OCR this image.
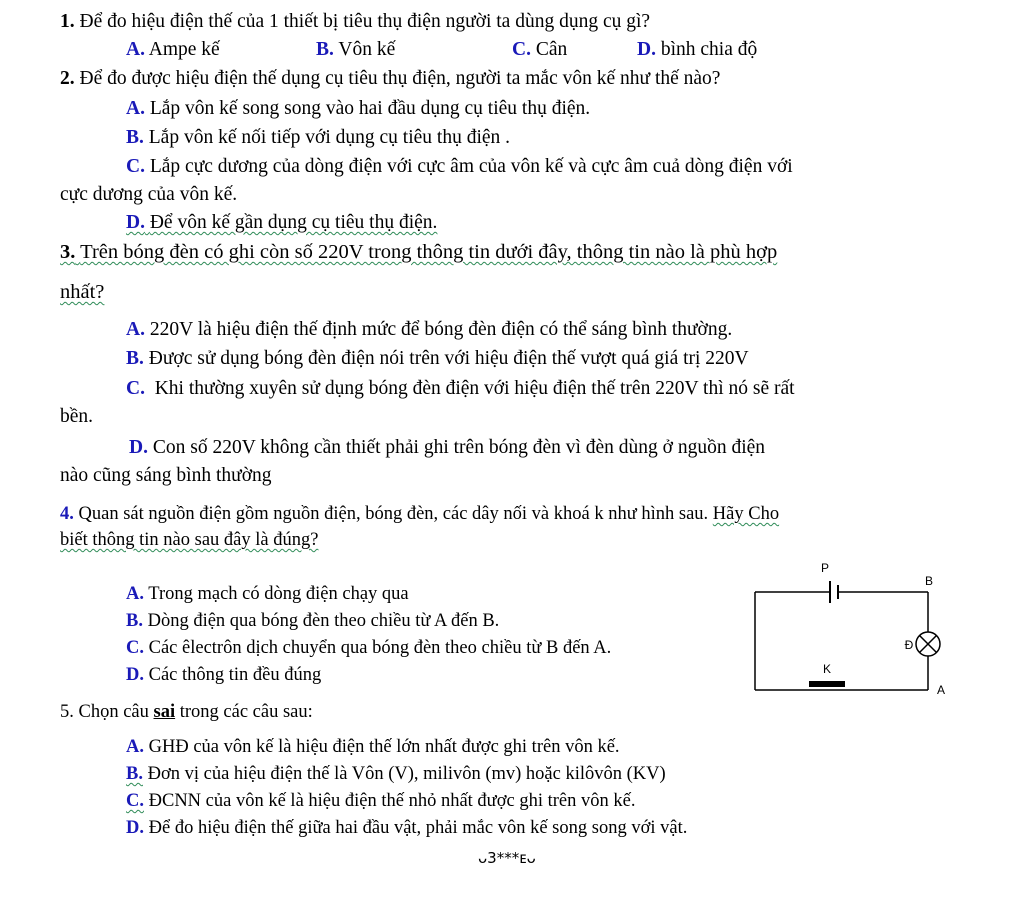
1. Để đo hiệu điện thế của 1 thiết bị tiêu thụ điện người ta dùng dụng cụ gì?
A. Ampe kế	B. Vôn kế	C. Cân	D. bình chia độ
2. Để đo được hiệu điện thế dụng cụ tiêu thụ điện, người ta mắc vôn kế như thế nào?
A. Lắp vôn kế song song vào hai đầu dụng cụ tiêu thụ điện.
B. Lắp vôn kế nối tiếp với dụng cụ tiêu thụ điện .
C. Lắp cực dương của dòng điện với cực âm của vôn kế và cực âm cuả dòng điện với
cực dương của vôn kế.
D. Để vôn kế gần dụng cụ tiêu thụ điện.
3. Trên bóng đèn có ghi còn số 220V trong thông tin dưới đây, thông tin nào là phù hợp
nhất?
A. 220V là hiệu điện thế định mức để bóng đèn điện có thể sáng bình thường.
B. Được sử dụng bóng đèn điện nói trên với hiệu điện thế vượt quá giá trị 220V
C. Khi thường xuyên sử dụng bóng đèn điện với hiệu điện thế trên 220V thì nó sẽ rất
bền.
D. Con số 220V không cần thiết phải ghi trên bóng đèn vì đèn dùng ở nguồn điện
nào cũng sáng bình thường
4. Quan sát nguồn điện gồm nguồn điện, bóng đèn, các dây nối và khoá k như hình sau. Hãy Cho
biết thông tin nào sau đây là đúng?
A. Trong mạch có dòng điện chạy qua
B. Dòng điện qua bóng đèn theo chiều từ A đến B.
C. Các êlectrôn dịch chuyển qua bóng đèn theo chiều từ B đến A.
D. Các thông tin đều đúng
P
B
Đ
K
A
5. Chọn câu sai trong các câu sau:
A. GHĐ của vôn kế là hiệu điện thế lớn nhất được ghi trên vôn kế.
B. Đơn vị của hiệu điện thế là Vôn (V), milivôn (mv) hoặc kilôvôn (KV)
C. ĐCNN của vôn kế là hiệu điện thế nhỏ nhất được ghi trên vôn kế.
D. Để đo hiệu điện thế giữa hai đầu vật, phải mắc vôn kế song song với vật.
ᴗ3***ᴇᴗ
